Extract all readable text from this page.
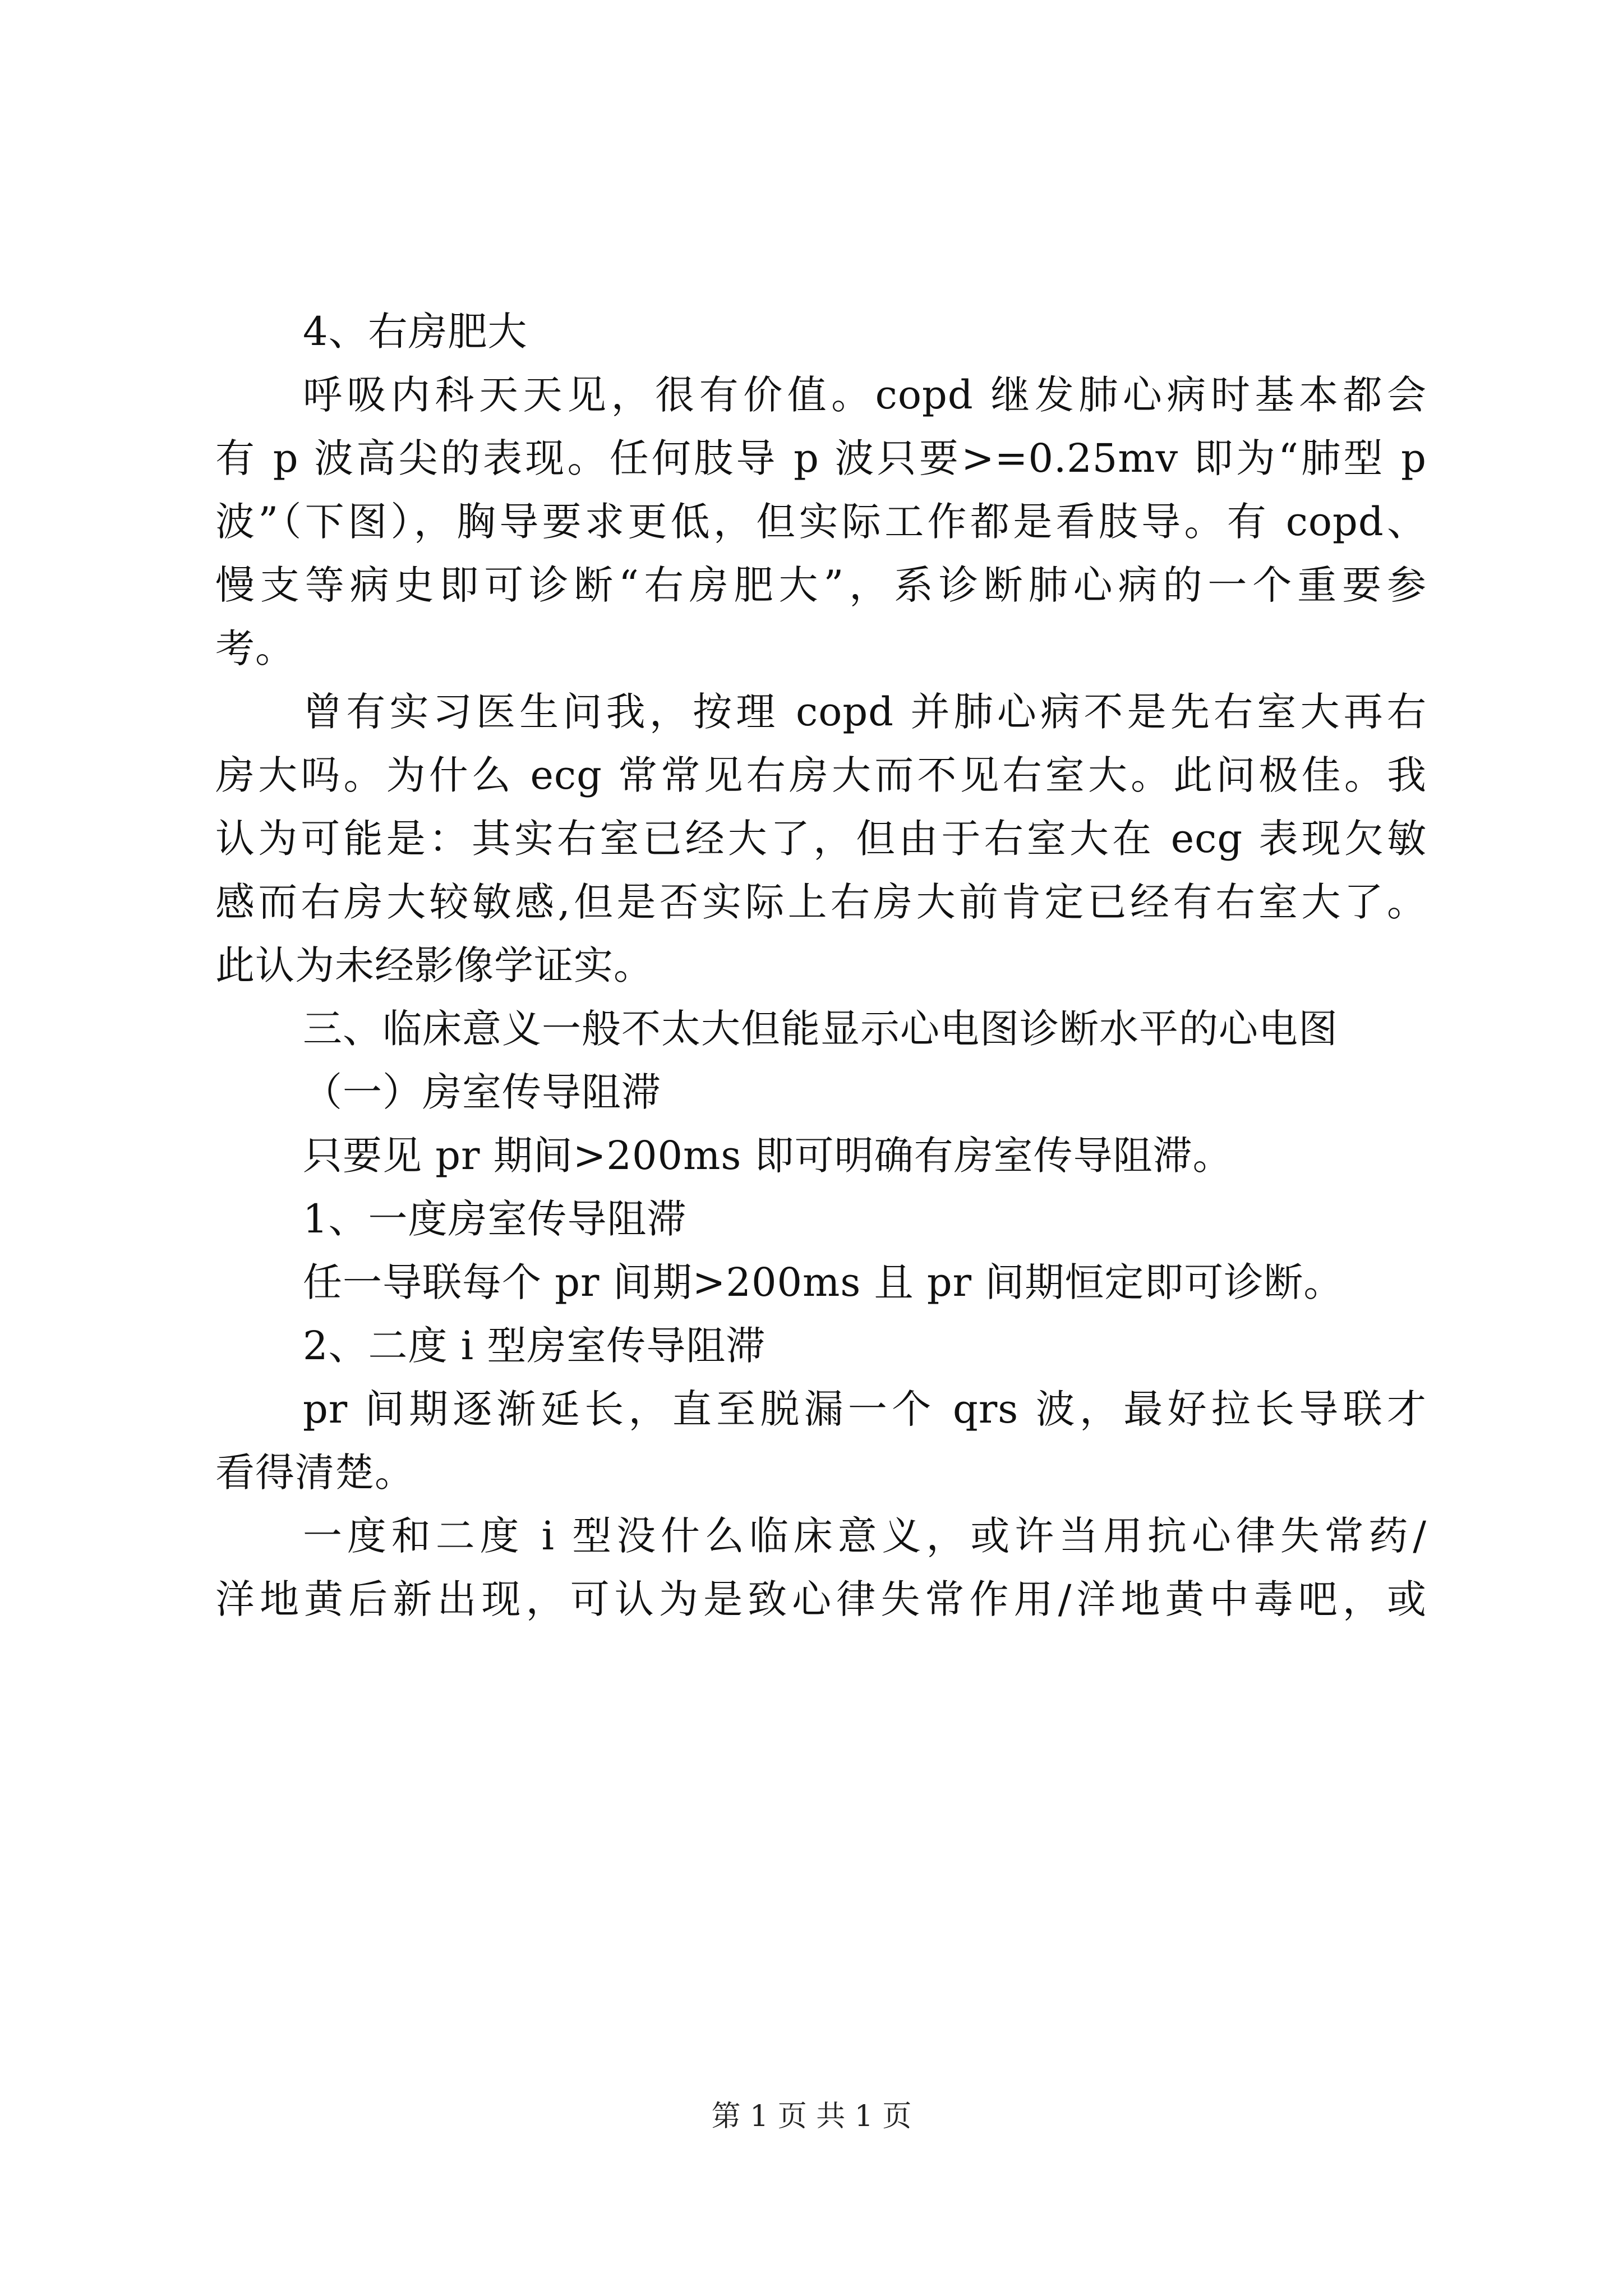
4、右房肥大

呼吸内科天天见，很有价值。copd 继发肺心病时基本都会

有 p 波高尖的表现。任何肢导 p 波只要>=0.25mv 即为“肺型 p

波”（下图），胸导要求更低，但实际工作都是看肢导。有 copd、

慢支等病史即可诊断“右房肥大”，系诊断肺心病的一个重要参

考。

曾有实习医生问我，按理 copd 并肺心病不是先右室大再右

房大吗。为什么 ecg 常常见右房大而不见右室大。此问极佳。我

认为可能是：其实右室已经大了，但由于右室大在 ecg 表现欠敏

感而右房大较敏感,但是否实际上右房大前肯定已经有右室大了。

此认为未经影像学证实。

三、临床意义一般不太大但能显示心电图诊断水平的心电图

（一）房室传导阻滞

只要见 pr 期间>200ms 即可明确有房室传导阻滞。

1、一度房室传导阻滞

任一导联每个 pr 间期>200ms 且 pr 间期恒定即可诊断。

2、二度 i 型房室传导阻滞

pr 间期逐渐延长，直至脱漏一个 qrs 波，最好拉长导联才

看得清楚。

一度和二度 i 型没什么临床意义，或许当用抗心律失常药/

洋地黄后新出现，可认为是致心律失常作用/洋地黄中毒吧，或

第 1 页 共 1 页
